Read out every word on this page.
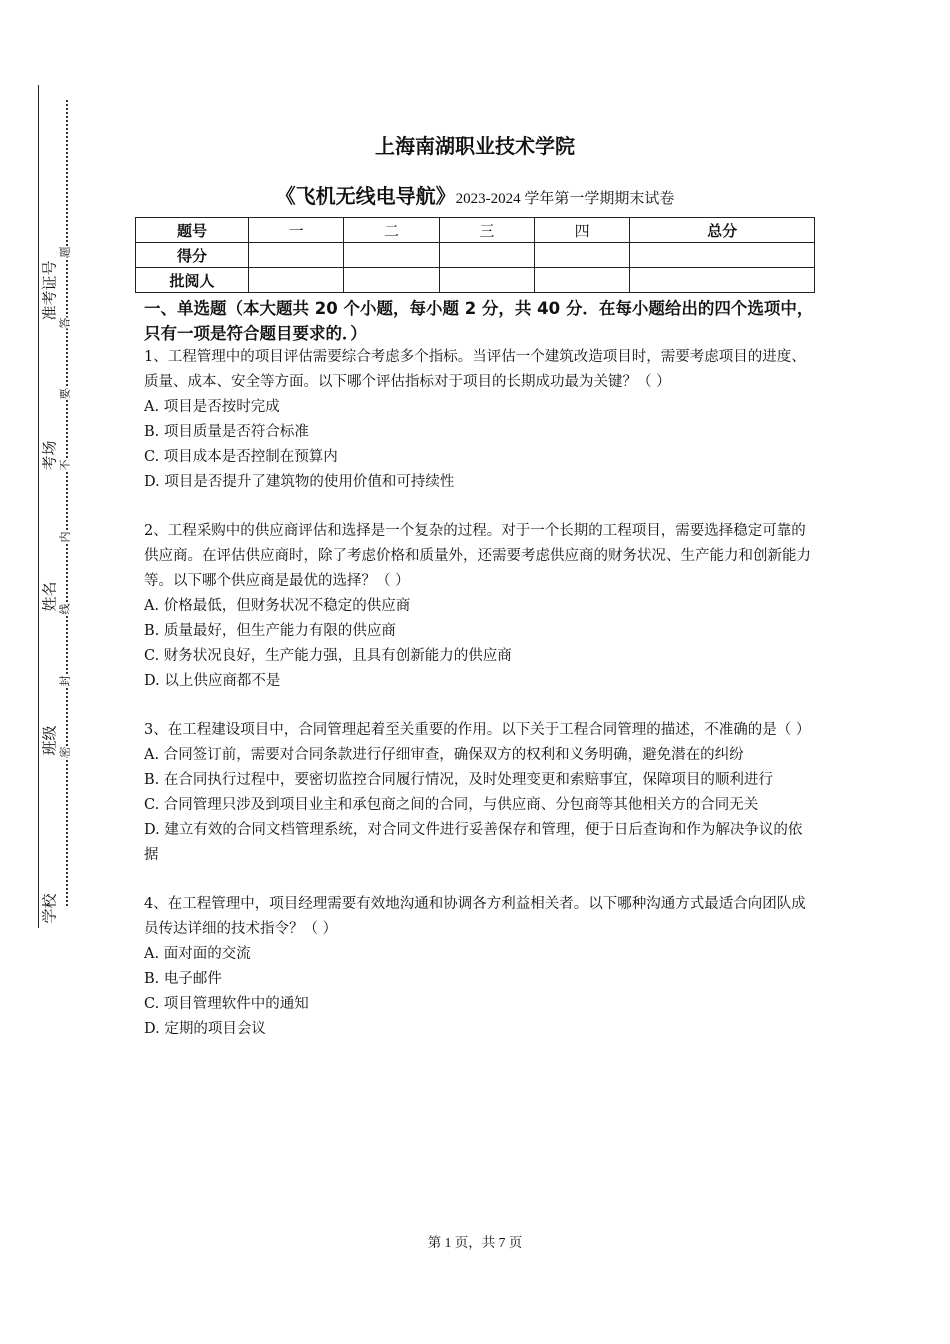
准考证号
考场
姓名
班级
学校
题
答
要
不
内
线
封
密
上海南湖职业技术学院
《飞机无线电导航》2023-2024 学年第一学期期末试卷
题号	一	二	三	四	总分
得分					
批阅人					
一、单选题（本大题共 20 个小题，每小题 2 分，共 40 分．在每小题给出的四个选项中，只有一项是符合题目要求的．）

1、工程管理中的项目评估需要综合考虑多个指标。当评估一个建筑改造项目时，需要考虑项目的进度、质量、成本、安全等方面。以下哪个评估指标对于项目的长期成功最为关键？（ ）

A. 项目是否按时完成

B. 项目质量是否符合标准

C. 项目成本是否控制在预算内

D. 项目是否提升了建筑物的使用价值和可持续性

2、工程采购中的供应商评估和选择是一个复杂的过程。对于一个长期的工程项目，需要选择稳定可靠的供应商。在评估供应商时，除了考虑价格和质量外，还需要考虑供应商的财务状况、生产能力和创新能力等。以下哪个供应商是最优的选择？（ ）

A. 价格最低，但财务状况不稳定的供应商

B. 质量最好，但生产能力有限的供应商

C. 财务状况良好，生产能力强，且具有创新能力的供应商

D. 以上供应商都不是

3、在工程建设项目中，合同管理起着至关重要的作用。以下关于工程合同管理的描述，不准确的是（ ）

A. 合同签订前，需要对合同条款进行仔细审查，确保双方的权利和义务明确，避免潜在的纠纷

B. 在合同执行过程中，要密切监控合同履行情况，及时处理变更和索赔事宜，保障项目的顺利进行

C. 合同管理只涉及到项目业主和承包商之间的合同，与供应商、分包商等其他相关方的合同无关

D. 建立有效的合同文档管理系统，对合同文件进行妥善保存和管理，便于日后查询和作为解决争议的依据

4、在工程管理中，项目经理需要有效地沟通和协调各方利益相关者。以下哪种沟通方式最适合向团队成员传达详细的技术指令？（ ）

A. 面对面的交流

B. 电子邮件

C. 项目管理软件中的通知

D. 定期的项目会议

第 1 页，共 7 页
